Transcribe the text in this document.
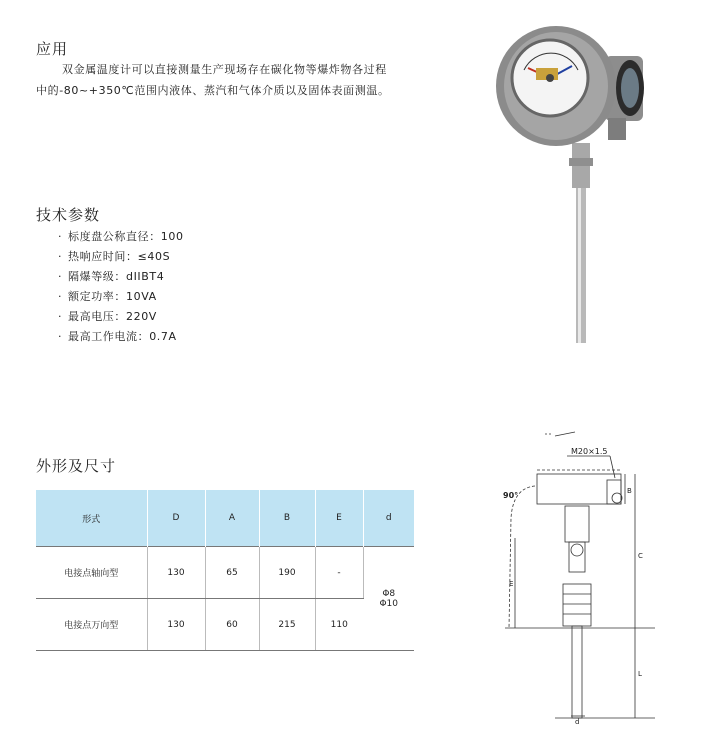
应用
双金属温度计可以直接测量生产现场存在碳化物等爆炸物各过程
中的-80~+350℃范围内液体、蒸汽和气体介质以及固体表面测温。
技术参数
· 标度盘公称直径：100
· 热响应时间：≤40S
· 隔爆等级：dIIBT4
· 额定功率：10VA
· 最高电压：220V
· 最高工作电流：0.7A
外形及尺寸
形式	D	A	B	E	d
电接点轴向型	130	65	190	-	Φ8
Φ10

电接点万向型	130	60	215	110	
M20×1.5
90°	B
E
C
L
d
